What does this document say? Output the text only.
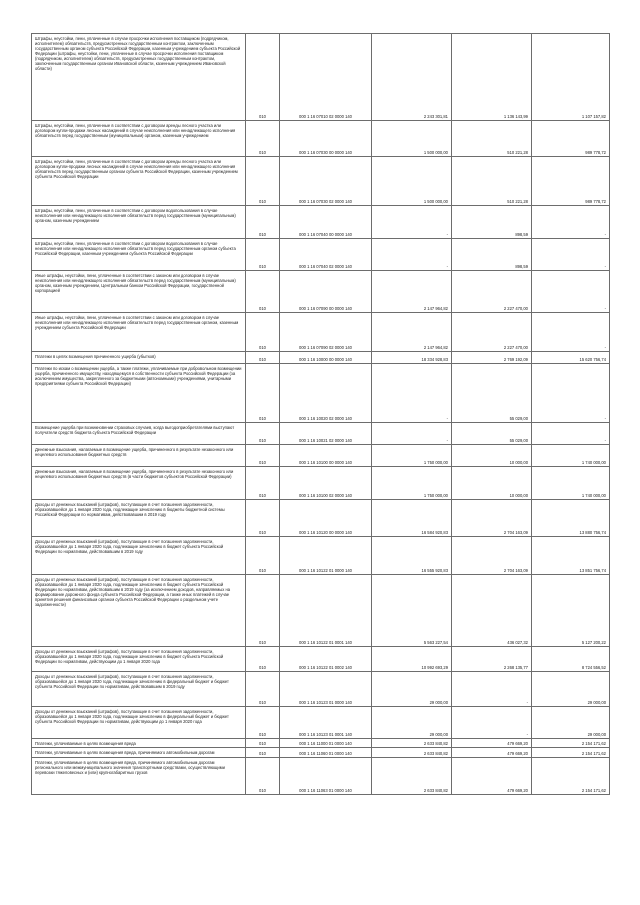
Штрафы, неустойки, пени, уплаченные в случае просрочки исполнения поставщиком (подрядчиком, исполнителем) обязательств, предусмотренных государственным контрактом, заключенным государственным органом субъекта Российской Федерации, казенным учреждением субъекта Российской Федерации (штрафы, неустойки, пени, уплаченные в случае просрочки исполнения поставщиком (подрядчиком, исполнителем) обязательств, предусмотренных государственным контрактом, заключенным государственным органом Ивановской области, казенным учреждением Ивановской области)	010	000 1 16 07010 02 0000 140	2 243 301,81	1 136 143,99	1 107 157,82
Штрафы, неустойки, пени, уплаченные в соответствии с договором аренды лесного участка или договором купли-продажи лесных насаждений в случае неисполнения или ненадлежащего исполнения обязательств перед государственным (муниципальным) органом, казенным учреждением	010	000 1 16 07030 00 0000 140	1 500 000,00	510 221,28	989 778,72
Штрафы, неустойки, пени, уплаченные в соответствии с договором аренды лесного участка или договором купли-продажи лесных насаждений в случае неисполнения или ненадлежащего исполнения обязательств перед государственным органом субъекта Российской Федерации, казенным учреждением субъекта Российской Федерации	010	000 1 16 07030 02 0000 140	1 500 000,00	510 221,28	989 778,72
Штрафы, неустойки, пени, уплаченные в соответствии с договором водопользования в случае неисполнения или ненадлежащего исполнения обязательств перед государственным (муниципальным) органом, казенным учреждением	010	000 1 16 07040 00 0000 140	-	898,59	-
Штрафы, неустойки, пени, уплаченные в соответствии с договором водопользования в случае неисполнения или ненадлежащего исполнения обязательств перед государственным органом субъекта Российской Федерации, казенным учреждением субъекта Российской Федерации	010	000 1 16 07040 02 0000 140	-	898,59	-
Иные штрафы, неустойки, пени, уплаченные в соответствии с законом или договором в случае неисполнения или ненадлежащего исполнения обязательств перед государственным (муниципальным) органом, казенным учреждением, Центральным банком Российской Федерации, государственной корпорацией	010	000 1 16 07090 00 0000 140	2 147 964,82	2 227 470,00	-
Иные штрафы, неустойки, пени, уплаченные в соответствии с законом или договором в случае неисполнения или ненадлежащего исполнения обязательств перед государственным органом, казенным учреждением субъекта Российской Федерации	010	000 1 16 07090 02 0000 140	2 147 964,82	2 227 470,00	-
Платежи в целях возмещения причиненного ущерба (убытков)	010	000 1 16 10000 00 0000 140	18 334 928,83	2 769 192,09	15 620 756,74
Платежи по искам о возмещении ущерба, а также платежи, уплачиваемые при добровольном возмещении ущерба, причиненного имуществу, находящемуся в собственности субъекта Российской Федерации (за исключением имущества, закрепленного за бюджетными (автономными) учреждениями, унитарными предприятиями субъекта Российской Федерации)	010	000 1 16 10020 02 0000 140	-	55 029,00	-
Возмещение ущерба при возникновении страховых случаев, когда выгодоприобретателями выступают получатели средств бюджета субъекта Российской Федерации	010	000 1 16 10021 02 0000 140	-	55 029,00	-
Денежные взыскания, налагаемые в возмещение ущерба, причиненного в результате незаконного или нецелевого использования бюджетных средств	010	000 1 16 10100 00 0000 140	1 750 000,00	10 000,00	1 740 000,00
Денежные взыскания, налагаемые в возмещение ущерба, причиненного в результате незаконного или нецелевого использования бюджетных средств (в части бюджетов субъектов Российской Федерации)	010	000 1 16 10100 02 0000 140	1 750 000,00	10 000,00	1 740 000,00
Доходы от денежных взысканий (штрафов), поступающие в счет погашения задолженности, образовавшейся до 1 января 2020 года, подлежащие зачислению в бюджеты бюджетной системы Российской Федерации по нормативам, действовавшим в 2019 году	010	000 1 16 10120 00 0000 140	16 584 920,83	2 704 163,09	13 880 756,74
Доходы от денежных взысканий (штрафов), поступающие в счет погашения задолженности, образовавшейся до 1 января 2020 года, подлежащие зачислению в бюджет субъекта Российской Федерации по нормативам, действовавшим в 2019 году	010	000 1 16 10122 01 0000 140	16 555 920,83	2 704 163,09	13 851 756,74
Доходы от денежных взысканий (штрафов), поступающие в счет погашения задолженности, образовавшейся до 1 января 2020 года, подлежащие зачислению в бюджет субъекта Российской Федерации по нормативам, действовавшим в 2019 году (за исключением доходов, направляемых на формирование дорожного фонда субъекта Российской Федерации, а также иных платежей в случае принятия решения финансовым органом субъекта Российской Федерации о раздельном учете задолженности)	010	000 1 16 10122 01 0001 140	5 563 227,54	436 027,32	5 127 200,22
Доходы от денежных взысканий (штрафов), поступающие в счет погашения задолженности, образовавшейся до 1 января 2020 года, подлежащие зачислению в бюджет субъекта Российской Федерации по нормативам, действующим до 1 января 2020 года	010	000 1 16 10122 01 0002 140	10 992 693,29	2 268 135,77	8 724 556,52
Доходы от денежных взысканий (штрафов), поступающие в счет погашения задолженности, образовавшейся до 1 января 2020 года, подлежащие зачислению в федеральный бюджет и бюджет субъекта Российской Федерации по нормативам, действовавшим в 2019 году	010	000 1 16 10123 01 0000 140	29 000,00	-	29 000,00
Доходы от денежных взысканий (штрафов), поступающие в счет погашения задолженности, образовавшейся до 1 января 2020 года, подлежащие зачислению в федеральный бюджет и бюджет субъекта Российской Федерации по нормативам, действующим до 1 января 2020 года	010	000 1 16 10123 01 0001 140	29 000,00	-	29 000,00
Платежи, уплачиваемые в целях возмещения вреда	010	000 1 16 11000 01 0000 140	2 633 840,82	479 669,20	2 154 171,62
Платежи, уплачиваемые в целях возмещения вреда, причиняемого автомобильным дорогам	010	000 1 16 11060 01 0000 140	2 633 840,82	479 669,20	2 154 171,62
Платежи, уплачиваемые в целях возмещения вреда, причиняемого автомобильным дорогам регионального или межмуниципального значения транспортными средствами, осуществляющими перевозки тяжеловесных и (или) крупногабаритных грузов	010	000 1 16 11063 01 0000 140	2 633 840,82	479 669,20	2 154 171,62
